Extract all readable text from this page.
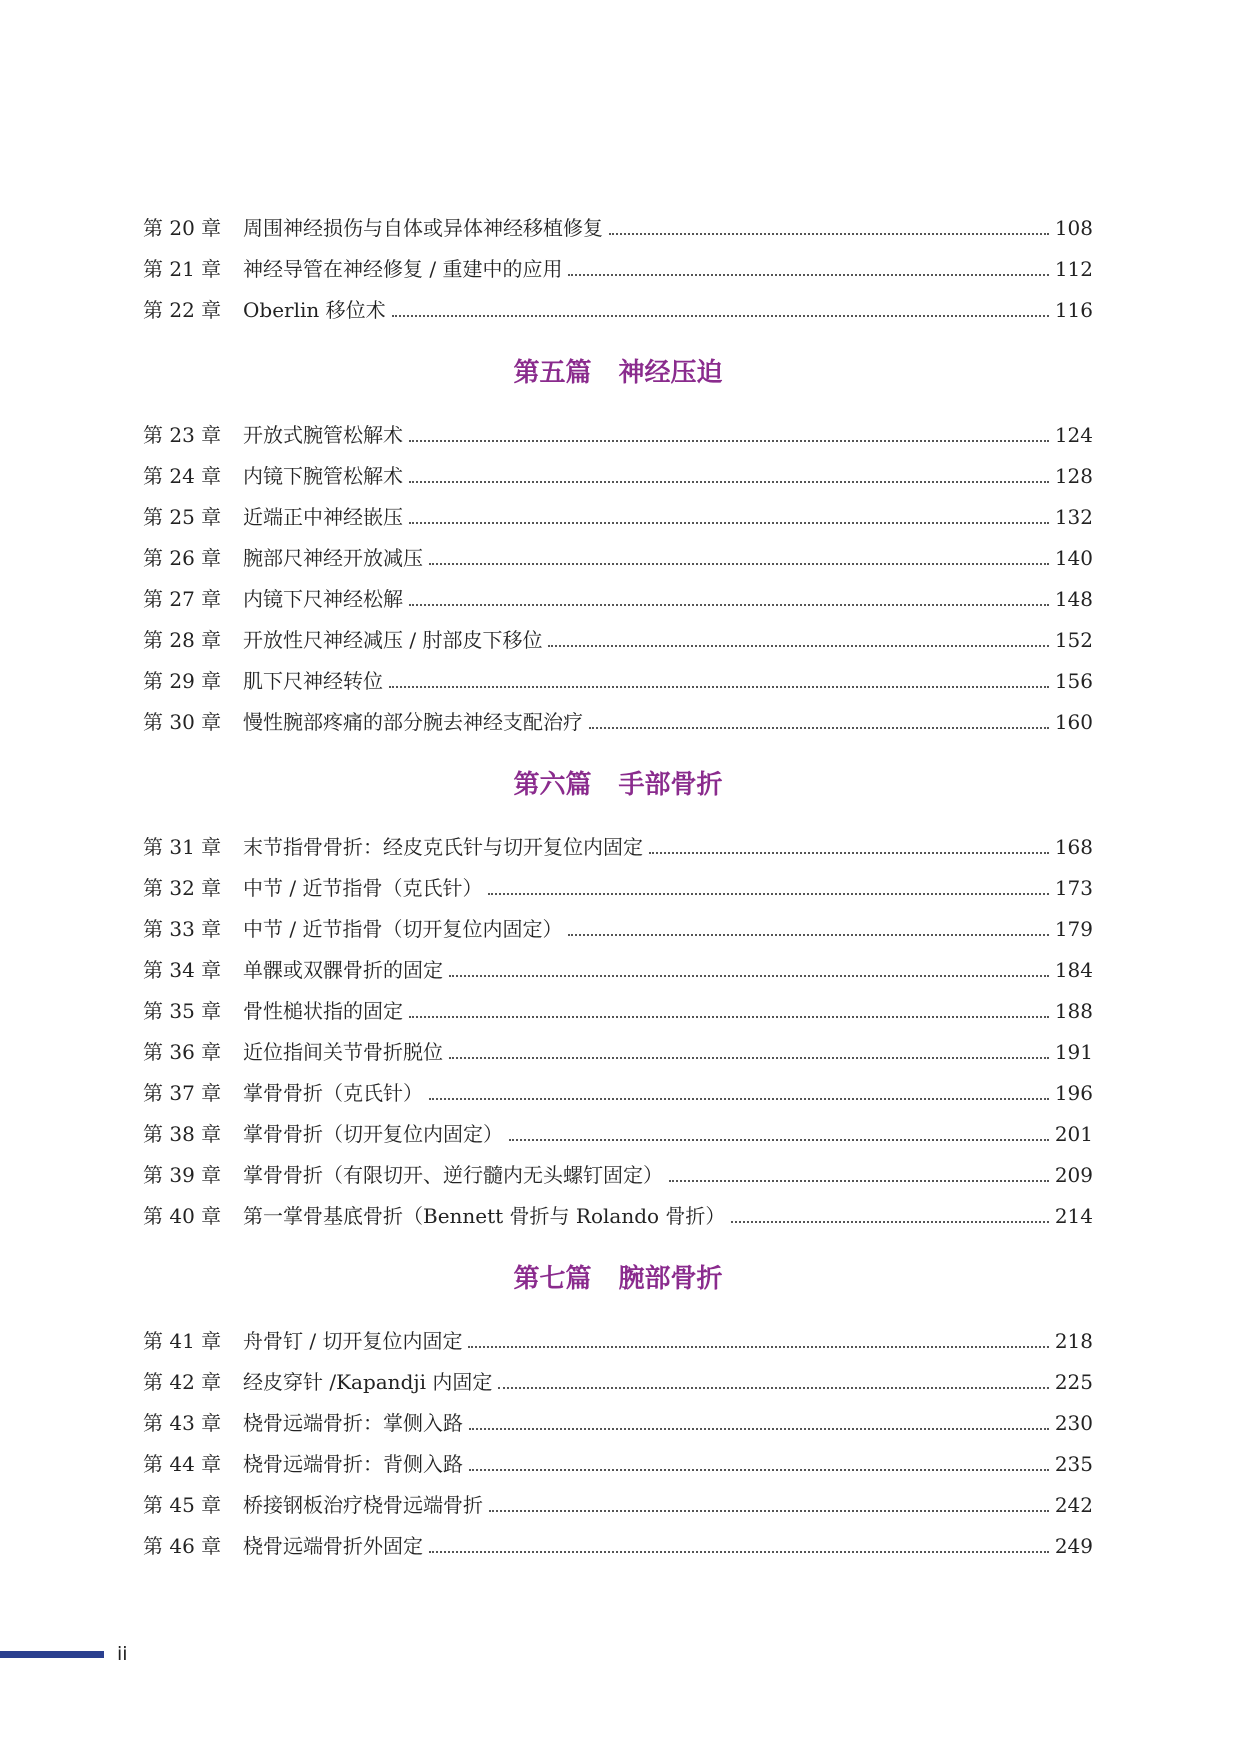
第 20 章	周围神经损伤与自体或异体神经移植修复	108
第 21 章	神经导管在神经修复 / 重建中的应用	112
第 22 章	Oberlin 移位术	116
第五篇 神经压迫
第 23 章	开放式腕管松解术	124
第 24 章	内镜下腕管松解术	128
第 25 章	近端正中神经嵌压	132
第 26 章	腕部尺神经开放减压	140
第 27 章	内镜下尺神经松解	148
第 28 章	开放性尺神经减压 / 肘部皮下移位	152
第 29 章	肌下尺神经转位	156
第 30 章	慢性腕部疼痛的部分腕去神经支配治疗	160
第六篇 手部骨折
第 31 章	末节指骨骨折：经皮克氏针与切开复位内固定	168
第 32 章	中节 / 近节指骨（克氏针）	173
第 33 章	中节 / 近节指骨（切开复位内固定）	179
第 34 章	单髁或双髁骨折的固定	184
第 35 章	骨性槌状指的固定	188
第 36 章	近位指间关节骨折脱位	191
第 37 章	掌骨骨折（克氏针）	196
第 38 章	掌骨骨折（切开复位内固定）	201
第 39 章	掌骨骨折（有限切开、逆行髓内无头螺钉固定）	209
第 40 章	第一掌骨基底骨折（Bennett 骨折与 Rolando 骨折）	214
第七篇 腕部骨折
第 41 章	舟骨钉 / 切开复位内固定	218
第 42 章	经皮穿针 /Kapandji 内固定	225
第 43 章	桡骨远端骨折：掌侧入路	230
第 44 章	桡骨远端骨折：背侧入路	235
第 45 章	桥接钢板治疗桡骨远端骨折	242
第 46 章	桡骨远端骨折外固定	249
ii
